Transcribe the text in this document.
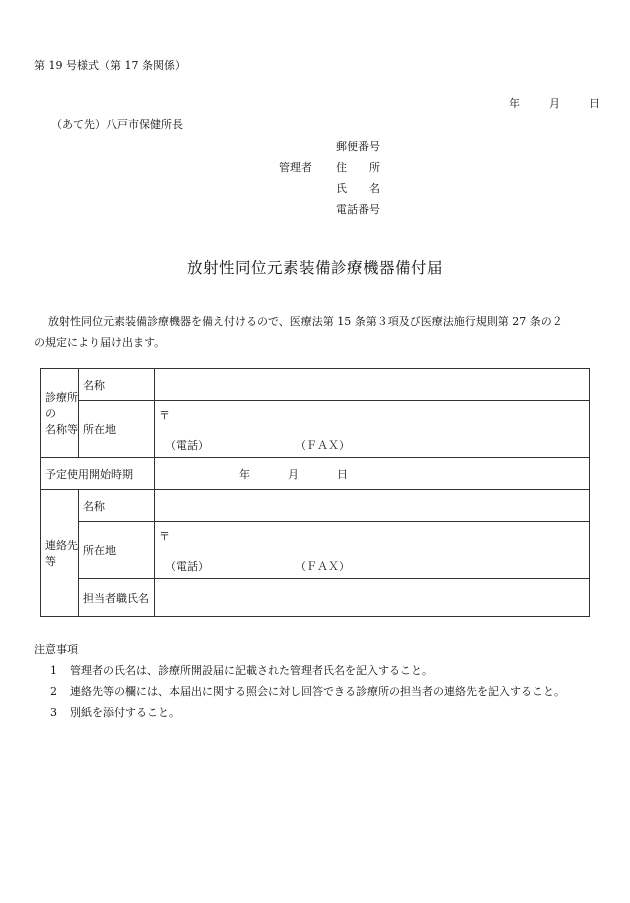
第 19 号様式（第 17 条関係）
年	月	日
（あて先）八戸市保健所長
郵便番号
管理者 住　　所
氏　　名
電話番号
放射性同位元素装備診療機器備付届
放射性同位元素装備診療機器を備え付けるので、医療法第 15 条第３項及び医療法施行規則第 27 条の２
の規定により届け出ます。
診療所の
名称等	名称	
	所在地	〒
（電話） （ＦＡＸ）

予定使用開始時期		年 月 日
連絡先等	名称	
	所在地	〒
（電話） （ＦＡＸ）

	担当者職氏名	
注意事項
1 管理者の氏名は、診療所開設届に記載された管理者氏名を記入すること。
2 連絡先等の欄には、本届出に関する照会に対し回答できる診療所の担当者の連絡先を記入すること。
3 別紙を添付すること。
